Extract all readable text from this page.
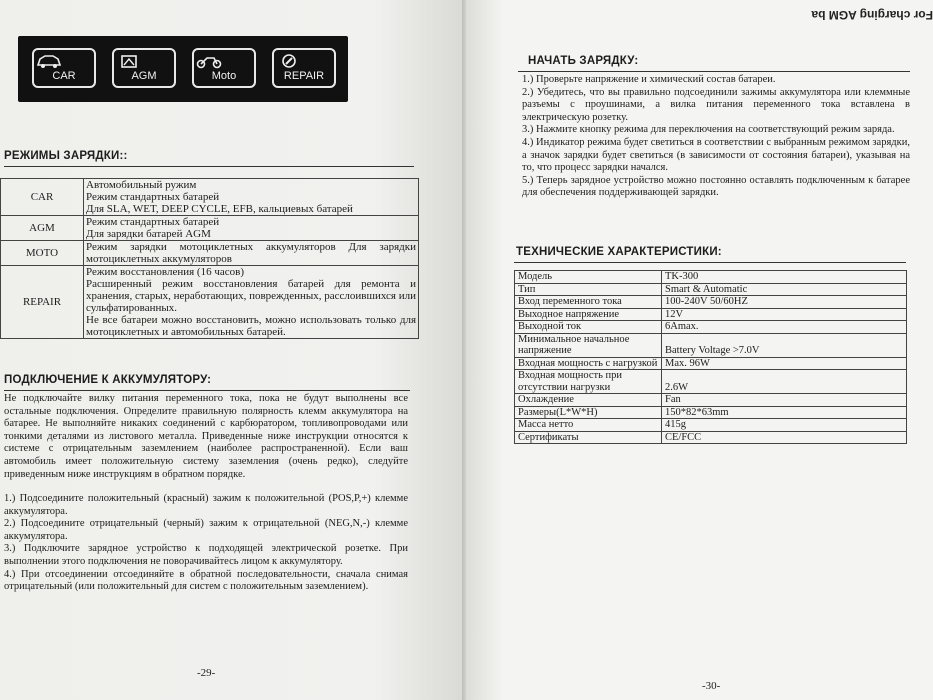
CAR	AGM	Moto	REPAIR
РЕЖИМЫ ЗАРЯДКИ::
CAR	Автомобильный ружим
Режим стандартных батарей
Для SLA, WET, DEEP CYCLE, EFB, кальциевых батарей

AGM	Режим стандартных батарей
Для зарядки батарей AGM

MOTO	Режим зарядки мотоциклетных аккумуляторов Для зарядки мотоциклетных аккумуляторов

REPAIR	Режим восстановления (16 часов)
Расширенный режим восстановления батарей для ремонта и хранения, старых, неработающих, поврежденных, расслоившихся или сульфатированных.
Не все батареи можно восстановить, можно использовать только для мотоциклетных и автомобильных батарей.
ПОДКЛЮЧЕНИЕ К АККУМУЛЯТОРУ:
Не подключайте вилку питания переменного тока, пока не будут выполнены все остальные подключения. Определите правильную полярность клемм аккумулятора на батарее. Не выполняйте никаких соединений с карбюратором, топливопроводами или тонкими деталями из листового металла. Приведенные ниже инструкции относятся к системе с отрицательным заземлением (наиболее распространенной). Если ваш автомобиль имеет положительную систему заземления (очень редко), следуйте приведенным ниже инструкциям в обратном порядке.
1.) Подсоедините положительный (красный) зажим к положительной (POS,P,+) клемме аккумулятора.
2.) Подсоедините отрицательный (черный) зажим к отрицательной (NEG,N,-) клемме аккумулятора.
3.) Подключите зарядное устройство к подходящей электрической розетке. При выполнении этого подключения не поворачивайтесь лицом к аккумулятору.
4.) При отсоединении отсоединяйте в обратной последовательности, сначала снимая отрицательный (или положительный для систем с положительным заземлением).
-29-
For charging AGM ba
НАЧАТЬ ЗАРЯДКУ:
1.) Проверьте напряжение и химический состав батареи.
2.) Убедитесь, что вы правильно подсоединили зажимы аккумулятора или клеммные разъемы с проушинами, а вилка питания переменного тока вставлена в электрическую розетку.
3.) Нажмите кнопку режима для переключения на соответствующий режим заряда.
4.) Индикатор режима будет светиться в соответствии с выбранным режимом зарядки, а значок зарядки будет светиться (в зависимости от состояния батареи), указывая на то, что процесс зарядки начался.
5.) Теперь зарядное устройство можно постоянно оставлять подключенным к батарее для обеспечения поддерживающей зарядки.
ТЕХНИЧЕСКИЕ ХАРАКТЕРИСТИКИ:
Модель	TK-300
Тип	Smart & Automatic
Вход переменного тока	100-240V 50/60HZ
Выходное напряжение	12V
Выходной ток	6Amax.
Минимальное начальное напряжение	Battery Voltage >7.0V
Входная мощность с нагрузкой	Max. 96W
Входная мощность при отсутствии нагрузки	2.6W
Охлаждение	Fan
Размеры(L*W*H)	150*82*63mm
Масса нетто	415g
Сертификаты	CE/FCC
-30-
